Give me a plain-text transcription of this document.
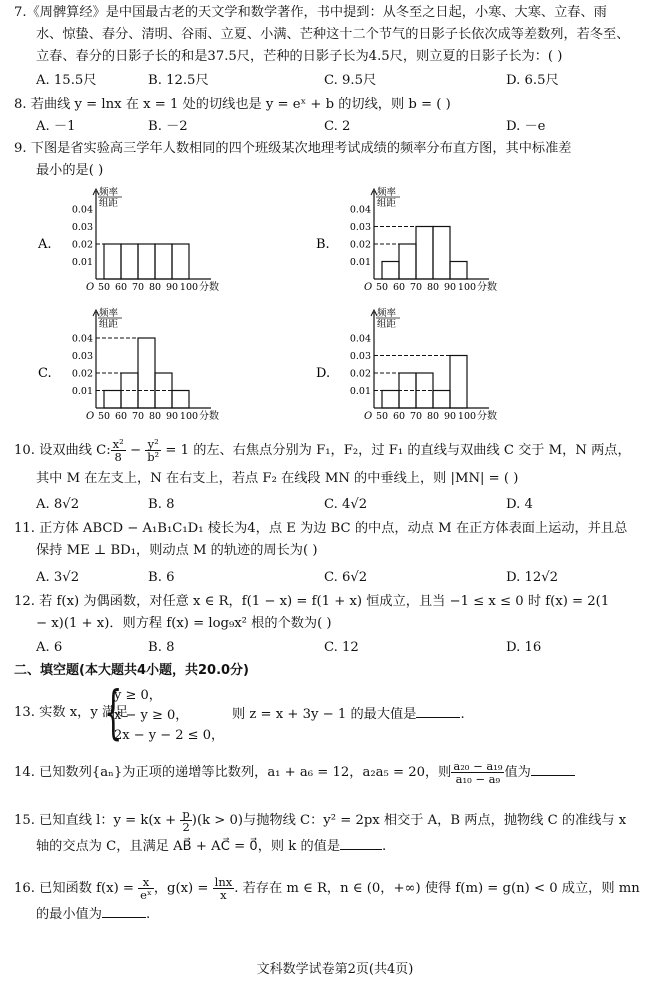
7.《周髀算经》是中国最古老的天文学和数学著作，书中提到：从冬至之日起，小寒、大寒、立春、雨
水、惊蛰、春分、清明、谷雨、立夏、小满、芒种这十二个节气的日影子长依次成等差数列，若冬至、
立春、春分的日影子长的和是37.5尺，芒种的日影子长为4.5尺，则立夏的日影子长为：( )
A. 15.5尺	B. 12.5尺	C. 9.5尺	D. 6.5尺
8. 若曲线 y = lnx 在 x = 1 处的切线也是 y = eˣ + b 的切线，则 b = ( )
A. －1	B. －2	C. 2	D. －e
9. 下图是省实验高三学年人数相同的四个班级某次地理考试成绩的频率分布直方图，其中标准差
最小的是( )
A.
频率
组距
O
0.04
0.03
0.02
0.01
50 60 70 80 90 100 分数
B.
频率
组距
O
0.04
0.03
0.02
0.01
50 60 70 80 90 100 分数
C.
频率
组距
O
0.04
0.03
0.02
0.01
50 60 70 80 90 100 分数
D.
频率
组距
O
0.04
0.03
0.02
0.01
50 60 70 80 90 100 分数
10. 设双曲线 C: $\frac{\text{x²}}{8} - \frac{\text{y²}}{\text{b²}} = 1$ 的左、右焦点分别为 F₁，F₂，过 F₁ 的直线与双曲线 C 交于 M，N 两点，
其中 M 在左支上，N 在右支上，若点 F₂ 在线段 MN 的中垂线上，则 |MN| = ( )
A. 8√2	B. 8	C. 4√2	D. 4
11. 正方体 ABCD − A₁B₁C₁D₁ 棱长为4，点 E 为边 BC 的中点，动点 M 在正方体表面上运动，并且总
保持 ME ⊥ BD₁，则动点 M 的轨迹的周长为( )
A. 3√2	B. 6	C. 6√2	D. 12√2
12. 若 f(x) 为偶函数，对任意 x ∈ R，f(1 − x) = f(1 + x) 恒成立，且当 −1 ≤ x ≤ 0 时 f(x) = 2(1
− x)(1 + x)．则方程 f(x) = log₉x² 根的个数为( )
A. 6	B. 8	C. 12	D. 16
二、填空题(本大题共4小题，共20.0分)
13. 实数 x，y 满足
{
y ≥ 0，
x − y ≥ 0，
2x − y − 2 ≤ 0，
则 z = x + 3y − 1 的最大值是	.
14. 已知数列{aₙ}为正项的递增等比数列，a₁ + a₆ = 12，a₂a₅ = 20，则 $\frac{\text{a₂₀ − a₁₉}}{\text{a₁₀ − a₉}}$ 值为
15. 已知直线 l：$y = k(x + \frac{p}{2} )(k > 0)$与抛物线 C：y² = 2px 相交于 A，B 两点，抛物线 C 的准线与 x
轴的交点为 C，且满足 AB⃗ + AC⃗ = 0⃗，则 k 的值是	.
16. 已知函数 $f(x) = \frac{x}{\text{eˣ}}$ ，$g(x) = \frac{\ln x}{x}$ . 若存在 m ∈ R，n ∈ (0，+∞) 使得 f(m) = g(n) < 0 成立，则 mn
的最小值为	.
文科数学试卷第2页(共4页)
